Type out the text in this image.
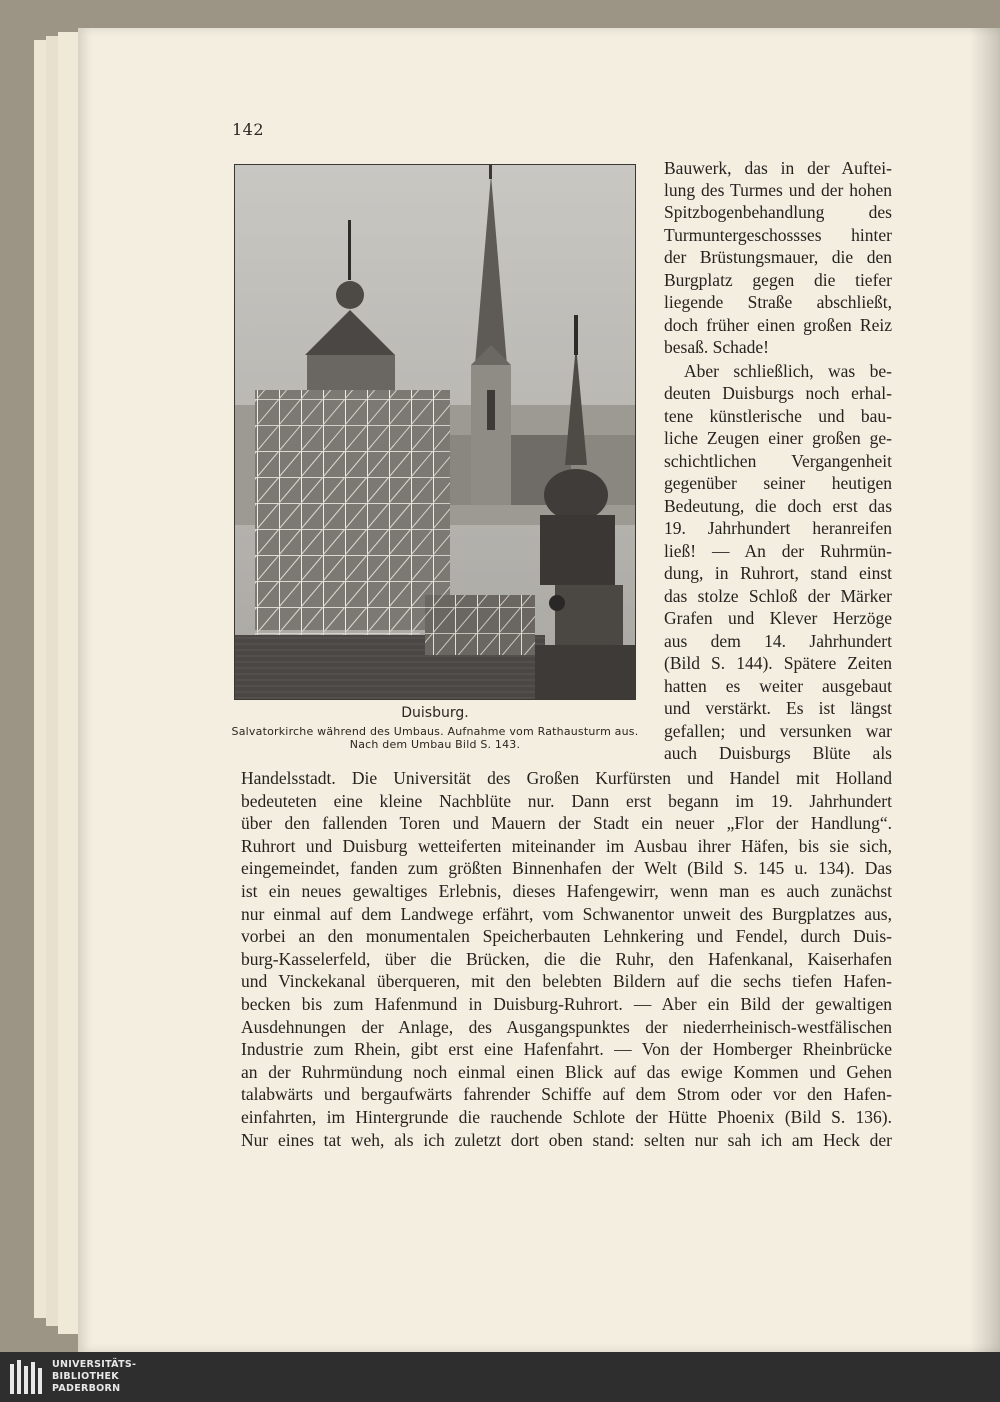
142
Duisburg.
Salvatorkirche während des Umbaus. Aufnahme vom Rathausturm aus.
Nach dem Umbau Bild S. 143.
Bauwerk, das in der Auftei-
lung des Turmes und der hohen
Spitzbogenbehandlung des
Turmuntergeschossses hinter
der Brüstungsmauer, die den
Burgplatz gegen die tiefer
liegende Straße abschließt,
doch früher einen großen Reiz
besaß. Schade!
Aber schließlich, was be-
deuten Duisburgs noch erhal-
tene künstlerische und bau-
liche Zeugen einer großen ge-
schichtlichen Vergangenheit
gegenüber seiner heutigen
Bedeutung, die doch erst das
19. Jahrhundert heranreifen
ließ! — An der Ruhrmün-
dung, in Ruhrort, stand einst
das stolze Schloß der Märker
Grafen und Klever Herzöge
aus dem 14. Jahrhundert
(Bild S. 144). Spätere Zeiten
hatten es weiter ausgebaut
und verstärkt. Es ist längst
gefallen; und versunken war
auch Duisburgs Blüte als
Handelsstadt. Die Universität des Großen Kurfürsten und Handel mit Holland
bedeuteten eine kleine Nachblüte nur. Dann erst begann im 19. Jahrhundert
über den fallenden Toren und Mauern der Stadt ein neuer „Flor der Handlung“.
Ruhrort und Duisburg wetteiferten miteinander im Ausbau ihrer Häfen, bis sie sich,
eingemeindet, fanden zum größten Binnenhafen der Welt (Bild S. 145 u. 134). Das
ist ein neues gewaltiges Erlebnis, dieses Hafengewirr, wenn man es auch zunächst
nur einmal auf dem Landwege erfährt, vom Schwanentor unweit des Burgplatzes aus,
vorbei an den monumentalen Speicherbauten Lehnkering und Fendel, durch Duis-
burg-Kasselerfeld, über die Brücken, die die Ruhr, den Hafenkanal, Kaiserhafen
und Vinckekanal überqueren, mit den belebten Bildern auf die sechs tiefen Hafen-
becken bis zum Hafenmund in Duisburg-Ruhrort. — Aber ein Bild der gewaltigen
Ausdehnungen der Anlage, des Ausgangspunktes der niederrheinisch-westfälischen
Industrie zum Rhein, gibt erst eine Hafenfahrt. — Von der Homberger Rheinbrücke
an der Ruhrmündung noch einmal einen Blick auf das ewige Kommen und Gehen
talabwärts und bergaufwärts fahrender Schiffe auf dem Strom oder vor den Hafen-
einfahrten, im Hintergrunde die rauchende Schlote der Hütte Phoenix (Bild S. 136).
Nur eines tat weh, als ich zuletzt dort oben stand: selten nur sah ich am Heck der
UNIVERSITÄTS-
BIBLIOTHEK
PADERBORN
